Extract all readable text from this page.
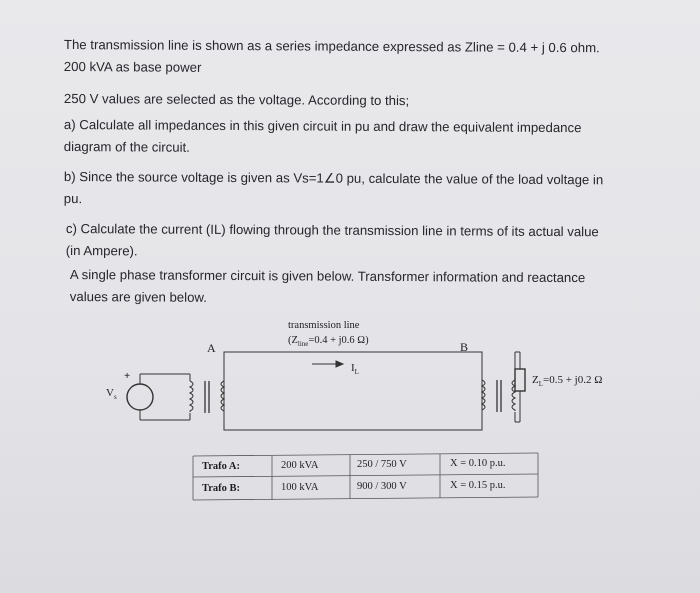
The transmission line is shown as a series impedance expressed as Zline = 0.4 + j 0.6 ohm.
200 kVA as base power

250 V values are selected as the voltage. According to this;

a) Calculate all impedances in this given circuit in pu and draw the equivalent impedance
diagram of the circuit.

b) Since the source voltage is given as Vs=1∠0 pu, calculate the value of the load voltage in
pu.

c) Calculate the current (IL) flowing through the transmission line in terms of its actual value
(in Ampere).

A single phase transformer circuit is given below. Transformer information and reactance
values are given below.

transmission line
($Z_{line}=0.4 + j0.6$ Ω)
$I_L$
A	B
+
$V_s$
$Z_L=0.5 + j0.2$ Ω
Trafo A:	200 kVA	250 / 750 V	X = 0.10 p.u.
Trafo B:	100 kVA	900 / 300 V	X = 0.15 p.u.
